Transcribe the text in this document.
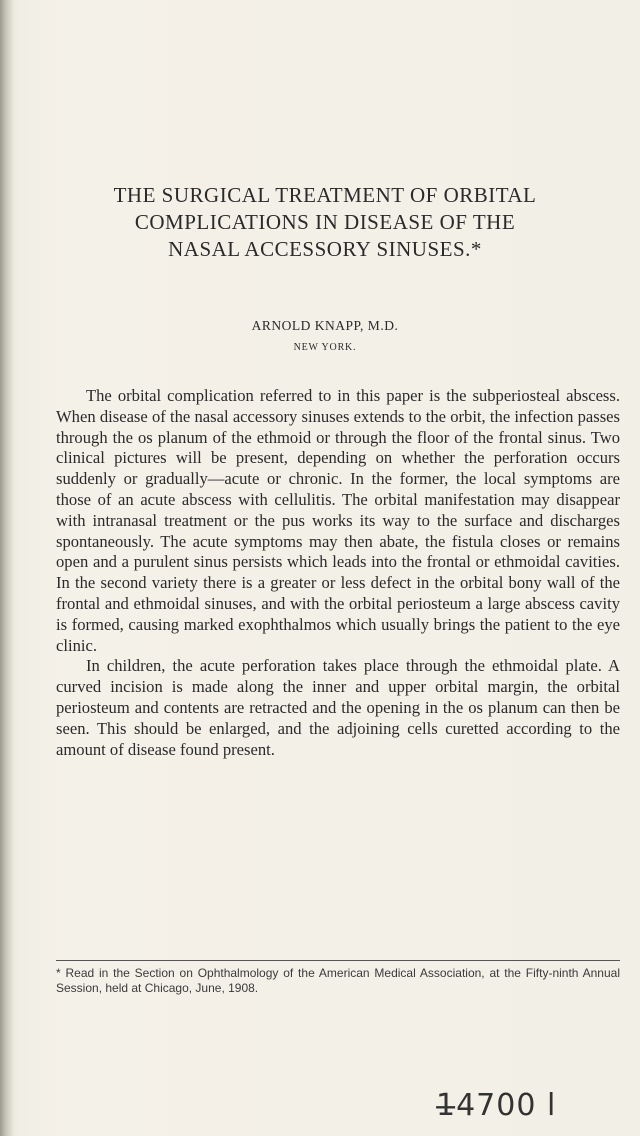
THE SURGICAL TREATMENT OF ORBITAL
COMPLICATIONS IN DISEASE OF THE
NASAL ACCESSORY SINUSES.*
ARNOLD KNAPP, M.D.
NEW YORK.

The orbital complication referred to in this paper is the subperiosteal abscess. When disease of the nasal accessory sinuses extends to the orbit, the infection passes through the os planum of the ethmoid or through the floor of the frontal sinus. Two clinical pictures will be present, depending on whether the perforation occurs suddenly or gradually—acute or chronic. In the former, the local symptoms are those of an acute abscess with cellulitis. The orbital manifestation may disappear with intranasal treatment or the pus works its way to the surface and discharges spontaneously. The acute symptoms may then abate, the fistula closes or remains open and a purulent sinus persists which leads into the frontal or ethmoidal cavities. In the second variety there is a greater or less defect in the orbital bony wall of the frontal and ethmoidal sinuses, and with the orbital periosteum a large abscess cavity is formed, causing marked exophthalmos which usually brings the patient to the eye clinic.

In children, the acute perforation takes place through the ethmoidal plate. A curved incision is made along the inner and upper orbital margin, the orbital periosteum and contents are retracted and the opening in the os planum can then be seen. This should be enlarged, and the adjoining cells curetted according to the amount of disease found present.

* Read in the Section on Ophthalmology of the American Medical Association, at the Fifty-ninth Annual Session, held at Chicago, June, 1908.
1̶4700 l
